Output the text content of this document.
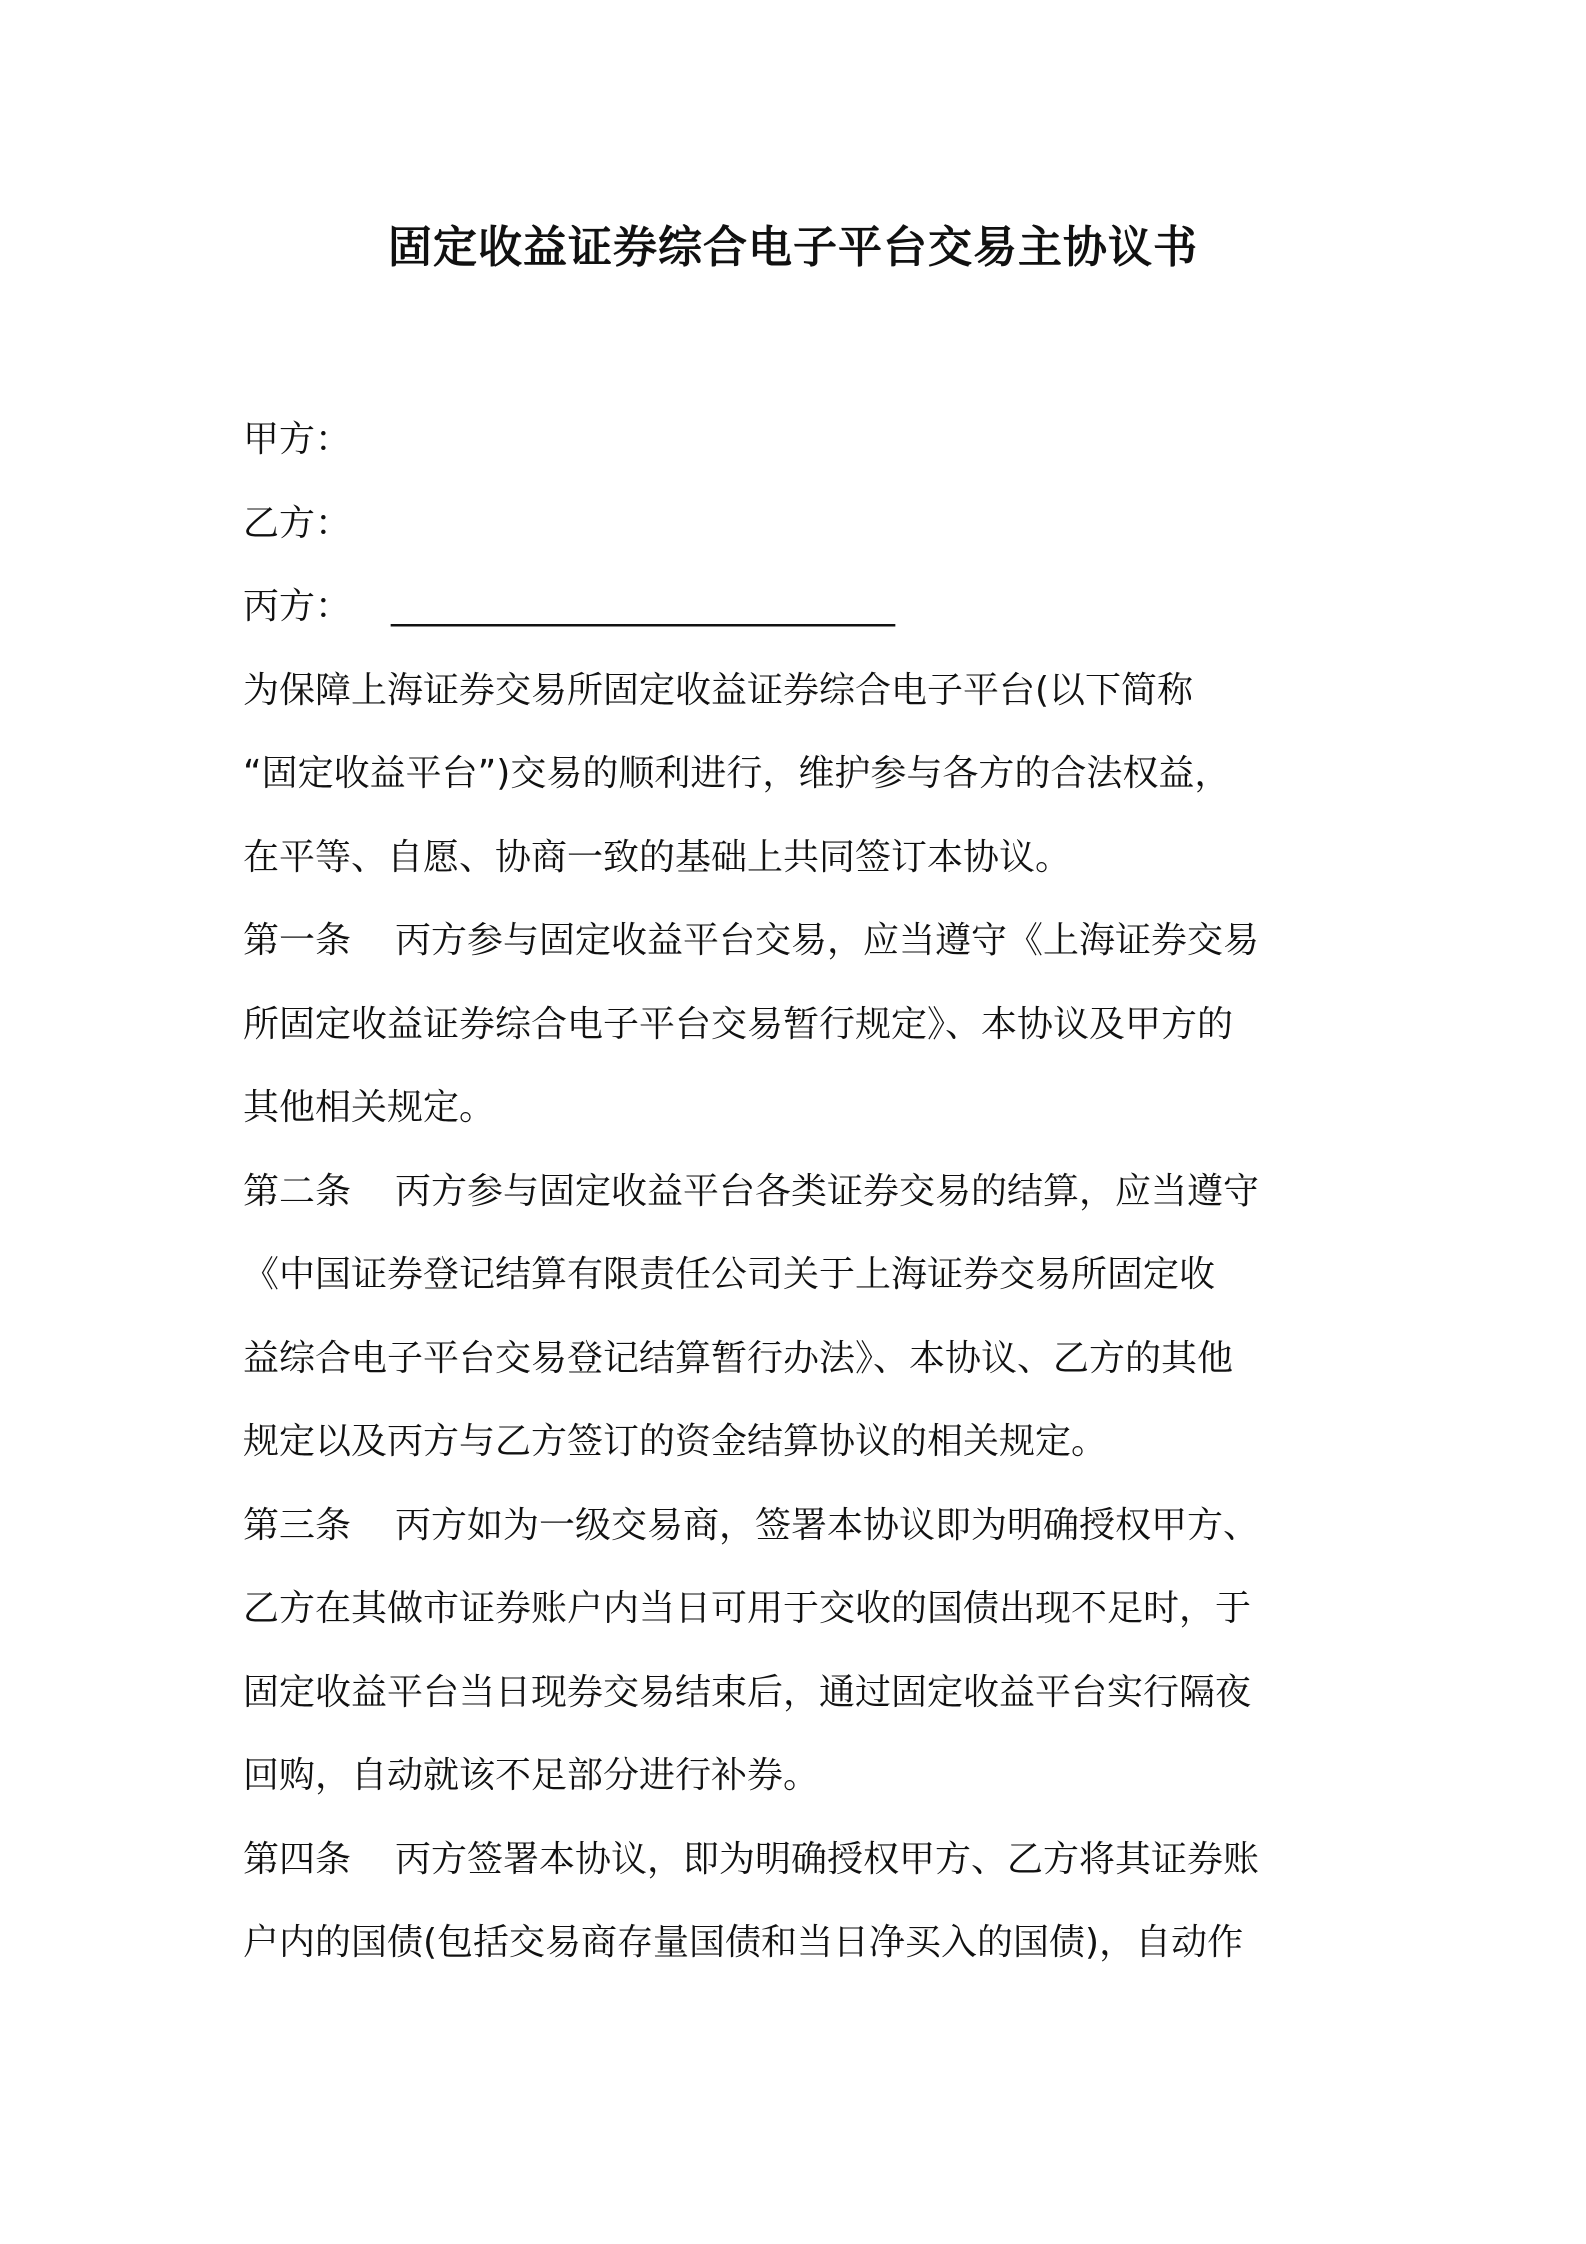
固定收益证券综合电子平台交易主协议书
甲方：
乙方：
丙方： ____________________________
为保障上海证券交易所固定收益证券综合电子平台(以下简称
“固定收益平台”)交易的顺利进行，维护参与各方的合法权益，
在平等、自愿、协商一致的基础上共同签订本协议。
第一条 丙方参与固定收益平台交易，应当遵守《上海证券交易
所固定收益证券综合电子平台交易暂行规定》、本协议及甲方的
其他相关规定。
第二条 丙方参与固定收益平台各类证券交易的结算，应当遵守
《中国证券登记结算有限责任公司关于上海证券交易所固定收
益综合电子平台交易登记结算暂行办法》、本协议、乙方的其他
规定以及丙方与乙方签订的资金结算协议的相关规定。
第三条 丙方如为一级交易商，签署本协议即为明确授权甲方、
乙方在其做市证券账户内当日可用于交收的国债出现不足时，于
固定收益平台当日现券交易结束后，通过固定收益平台实行隔夜
回购，自动就该不足部分进行补券。
第四条 丙方签署本协议，即为明确授权甲方、乙方将其证券账
户内的国债(包括交易商存量国债和当日净买入的国债)，自动作
